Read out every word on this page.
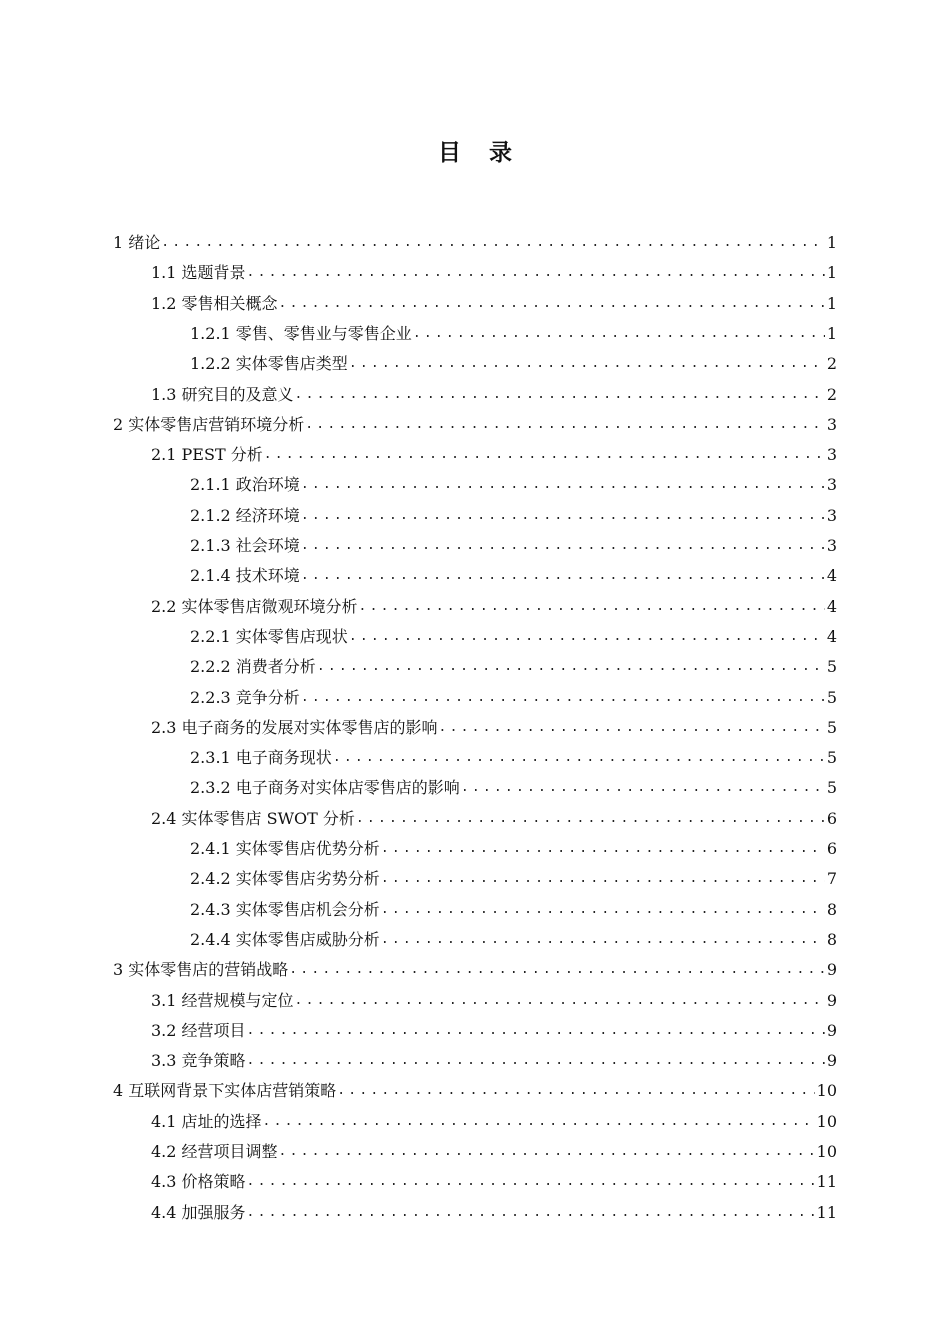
目 录
1 绪论 .....	1
1.1 选题背景 .....	1
1.2 零售相关概念 .....	1
1.2.1 零售、零售业与零售企业 .....	1
1.2.2 实体零售店类型 .....	2
1.3 研究目的及意义 .....	2
2 实体零售店营销环境分析 .....	3
2.1 PEST 分析 .....	3
2.1.1 政治环境 .....	3
2.1.2 经济环境 .....	3
2.1.3 社会环境 .....	3
2.1.4 技术环境 .....	4
2.2 实体零售店微观环境分析 .....	4
2.2.1 实体零售店现状 .....	4
2.2.2 消费者分析 .....	5
2.2.3 竞争分析 .....	5
2.3 电子商务的发展对实体零售店的影响 .....	5
2.3.1 电子商务现状 .....	5
2.3.2 电子商务对实体店零售店的影响 .....	5
2.4 实体零售店 SWOT 分析 .....	6
2.4.1 实体零售店优势分析 .....	6
2.4.2 实体零售店劣势分析 .....	7
2.4.3 实体零售店机会分析 .....	8
2.4.4 实体零售店威胁分析 .....	8
3 实体零售店的营销战略 .....	9
3.1 经营规模与定位 .....	9
3.2 经营项目 .....	9
3.3 竞争策略 .....	9
4 互联网背景下实体店营销策略 .....	10
4.1 店址的选择 .....	10
4.2 经营项目调整 .....	10
4.3 价格策略 .....	11
4.4 加强服务 .....	11
